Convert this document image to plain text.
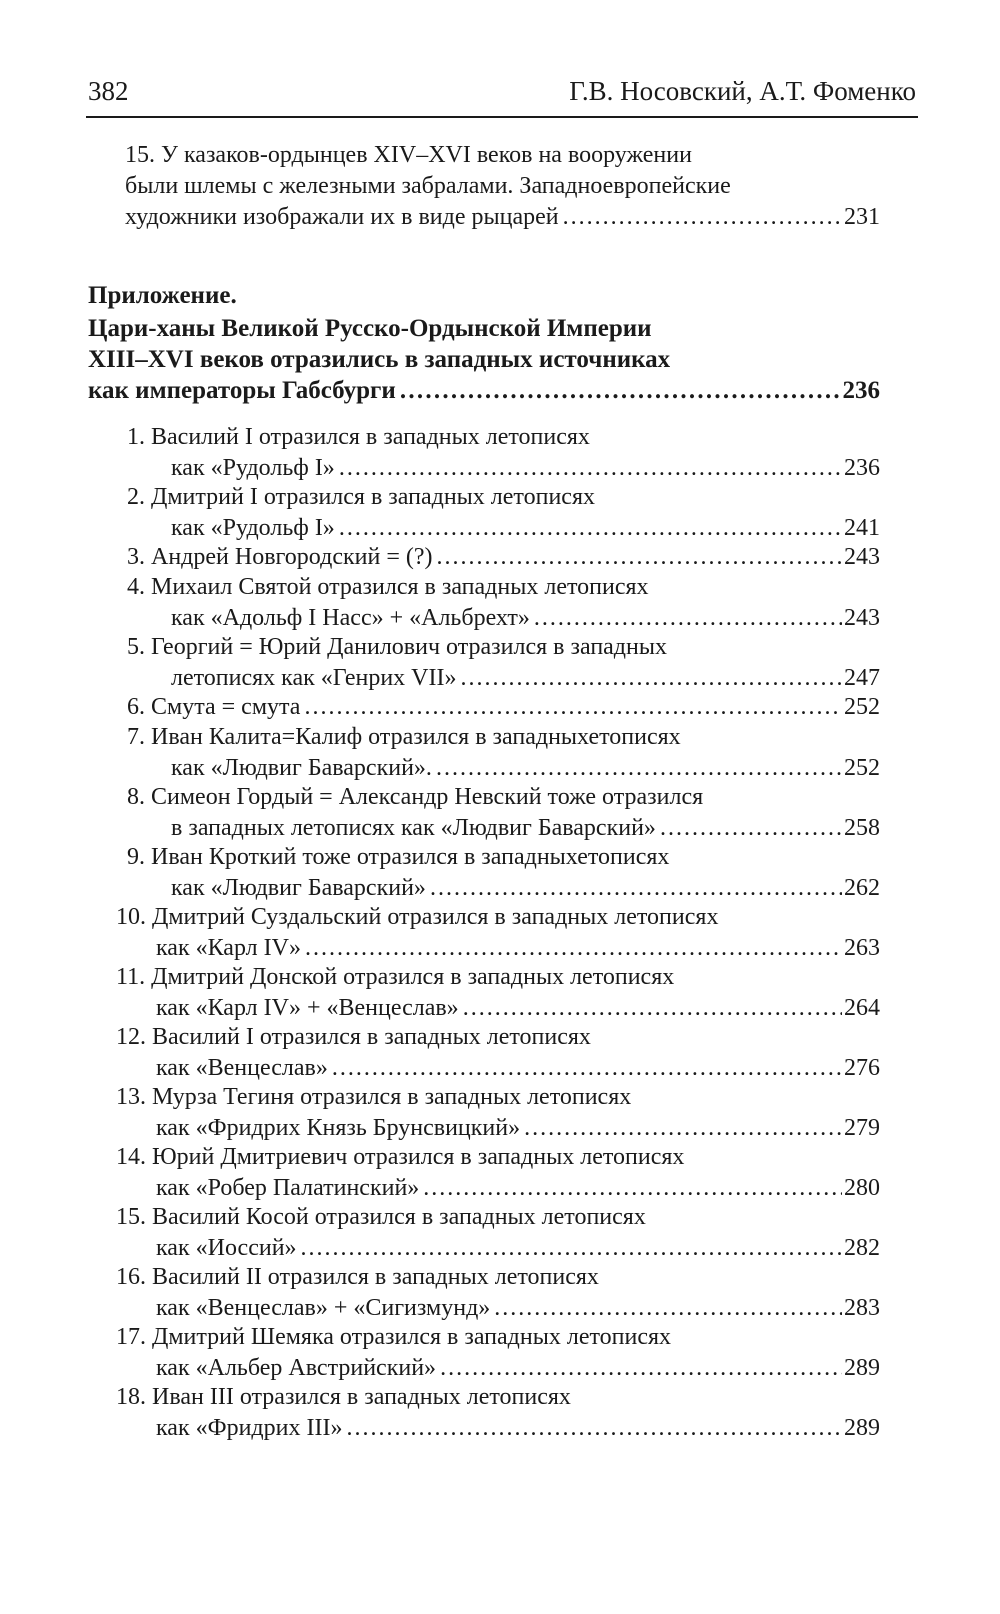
382	Г.В. Носовский, А.Т. Фоменко
15. У казаков-ордынцев XIV–XVI веков на вооружении
были шлемы с железными забралами. Западноевропейские
художники изображали их в виде рыцарей . . .	231
Приложение.
Цари-ханы Великой Русско-Ордынской Империи
XIII–XVI веков отразились в западных источниках
как императоры Габсбурги . . .	236
1. Василий I отразился в западных летописях
как «Рудольф I» . . .	236
2. Дмитрий I отразился в западных летописях
как «Рудольф I» . . .	241
3. Андрей Новгородский = (?) . . .	243
4. Михаил Святой отразился в западных летописях
как «Адольф I Насс» + «Альбрехт» . . .	243
5. Георгий = Юрий Данилович отразился в западных
летописях как «Генрих VII» . . .	247
6. Смута = смута . . .	252
7. Иван Калита=Калиф отразился в западныхетописях
как «Людвиг Баварский». . . .	252
8. Симеон Гордый = Александр Невский тоже отразился
в западных летописях как «Людвиг Баварский» . . .	258
9. Иван Кроткий тоже отразился в западныхетописях
как «Людвиг Баварский» . . .	262
10. Дмитрий Суздальский отразился в западных летописях
как «Карл IV» . . .	263
11. Дмитрий Донской отразился в западных летописях
как «Карл IV» + «Венцеслав» . . .	264
12. Василий I отразился в западных летописях
как «Венцеслав» . . .	276
13. Мурза Тегиня отразился в западных летописях
как «Фридрих Князь Брунсвицкий» . . .	279
14. Юрий Дмитриевич отразился в западных летописях
как «Робер Палатинский» . . .	280
15. Василий Косой отразился в западных летописях
как «Иоссий» . . .	282
16. Василий II отразился в западных летописях
как «Венцеслав» + «Сигизмунд» . . .	283
17. Дмитрий Шемяка отразился в западных летописях
как «Альбер Австрийский» . . .	289
18. Иван III отразился в западных летописях
как «Фридрих III» . . .	289
